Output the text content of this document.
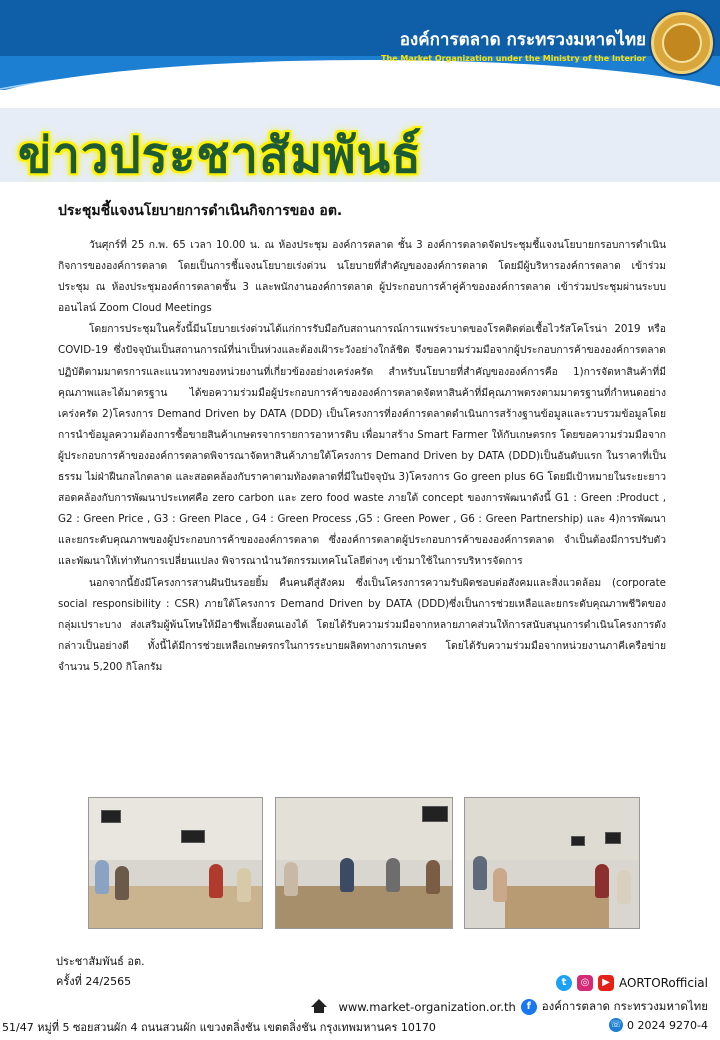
องค์การตลาด กระทรวงมหาดไทย
The Market Organization under the Ministry of the Interior
ข่าวประชาสัมพันธ์
ประชุมชี้แจงนโยบายการดำเนินกิจการของ อต.

วันศุกร์ที่ 25 ก.พ. 65 เวลา 10.00 น. ณ ห้องประชุม องค์การตลาด ชั้น 3 องค์การตลาดจัดประชุมชี้แจงนโยบายกรอบการดำเนินกิจการขององค์การตลาด โดยเป็นการชี้แจงนโยบายเร่งด่วน นโยบายที่สำคัญขององค์การตลาด โดยมีผู้บริหารองค์การตลาด เข้าร่วมประชุม ณ ห้องประชุมองค์การตลาดชั้น 3 และพนักงานองค์การตลาด ผู้ประกอบการค้าคู่ค้าขององค์การตลาด เข้าร่วมประชุมผ่านระบบออนไลน์ Zoom Cloud Meetings

โดยการประชุมในครั้งนี้มีนโยบายเร่งด่วนได้แก่การรับมือกับสถานการณ์การแพร่ระบาดของโรคติดต่อเชื้อไวรัสโคโรน่า 2019 หรือ COVID-19 ซึ่งปัจจุบันเป็นสถานการณ์ที่น่าเป็นห่วงและต้องเฝ้าระวังอย่างใกล้ชิด จึงขอความร่วมมือจากผู้ประกอบการค้าขององค์การตลาดปฏิบัติตามมาตรการและแนวทางของหน่วยงานที่เกี่ยวข้องอย่างเคร่งครัด สำหรับนโยบายที่สำคัญขององค์การคือ 1)การจัดหาสินค้าที่มีคุณภาพและได้มาตรฐาน ได้ขอความร่วมมือผู้ประกอบการค้าขององค์การตลาดจัดหาสินค้าที่มีคุณภาพตรงตามมาตรฐานที่กำหนดอย่างเคร่งครัด 2)โครงการ Demand Driven by DATA (DDD) เป็นโครงการที่องค์การตลาดดำเนินการสร้างฐานข้อมูลและรวบรวมข้อมูลโดยการนำข้อมูลความต้องการซื้อขายสินค้าเกษตรจากรายการอาหารดิบ เพื่อมาสร้าง Smart Farmer ให้กับเกษตรกร โดยขอความร่วมมือจากผู้ประกอบการค้าขององค์การตลาดพิจารณาจัดหาสินค้าภายใต้โครงการ Demand Driven by DATA (DDD)เป็นอันดับแรก ในราคาที่เป็นธรรม ไม่ฝ่าฝืนกลไกตลาด และสอดคล้องกับราคาตามท้องตลาดที่มีในปัจจุบัน 3)โครงการ Go green plus 6G โดยมีเป้าหมายในระยะยาวสอดคล้องกับการพัฒนาประเทศคือ zero carbon และ zero food waste ภายใต้ concept ของการพัฒนาดังนี้ G1 : Green :Product , G2 : Green Price , G3 : Green Place , G4 : Green Process ,G5 : Green Power , G6 : Green Partnership) และ 4)การพัฒนาและยกระดับคุณภาพของผู้ประกอบการค้าขององค์การตลาด ซึ่งองค์การตลาดผู้ประกอบการค้าขององค์การตลาด จำเป็นต้องมีการปรับตัวและพัฒนาให้เท่าทันการเปลี่ยนแปลง พิจารณานำนวัตกรรมเทคโนโลยีต่างๆ เข้ามาใช้ในการบริหารจัดการ

นอกจากนี้ยังมีโครงการสานฝันปันรอยยิ้ม คืนคนดีสู่สังคม ซึ่งเป็นโครงการความรับผิดชอบต่อสังคมและสิ่งแวดล้อม (corporate social responsibility : CSR) ภายใต้โครงการ Demand Driven by DATA (DDD)ซึ่งเป็นการช่วยเหลือและยกระดับคุณภาพชีวิตของกลุ่มเปราะบาง ส่งเสริมผู้พ้นโทษให้มีอาชีพเลี้ยงตนเองได้ โดยได้รับความร่วมมือจากหลายภาคส่วนให้การสนับสนุนการดำเนินโครงการดังกล่าวเป็นอย่างดี ทั้งนี้ได้มีการช่วยเหลือเกษตรกรในการระบายผลิตทางการเกษตร โดยได้รับความร่วมมือจากหน่วยงานภาคีเครือข่าย จำนวน 5,200 กิโลกรัม

ประชาสัมพันธ์ อต.
ครั้งที่ 24/2565	t	◎	▶ AORTORofficial
www.market-organization.or.th	f องค์การตลาด กระทรวงมหาดไทย
51/47 หมู่ที่ 5 ซอยสวนผัก 4 ถนนสวนผัก แขวงตลิ่งชัน เขตตลิ่งชัน กรุงเทพมหานคร 10170	☏ 0 2024 9270-4
